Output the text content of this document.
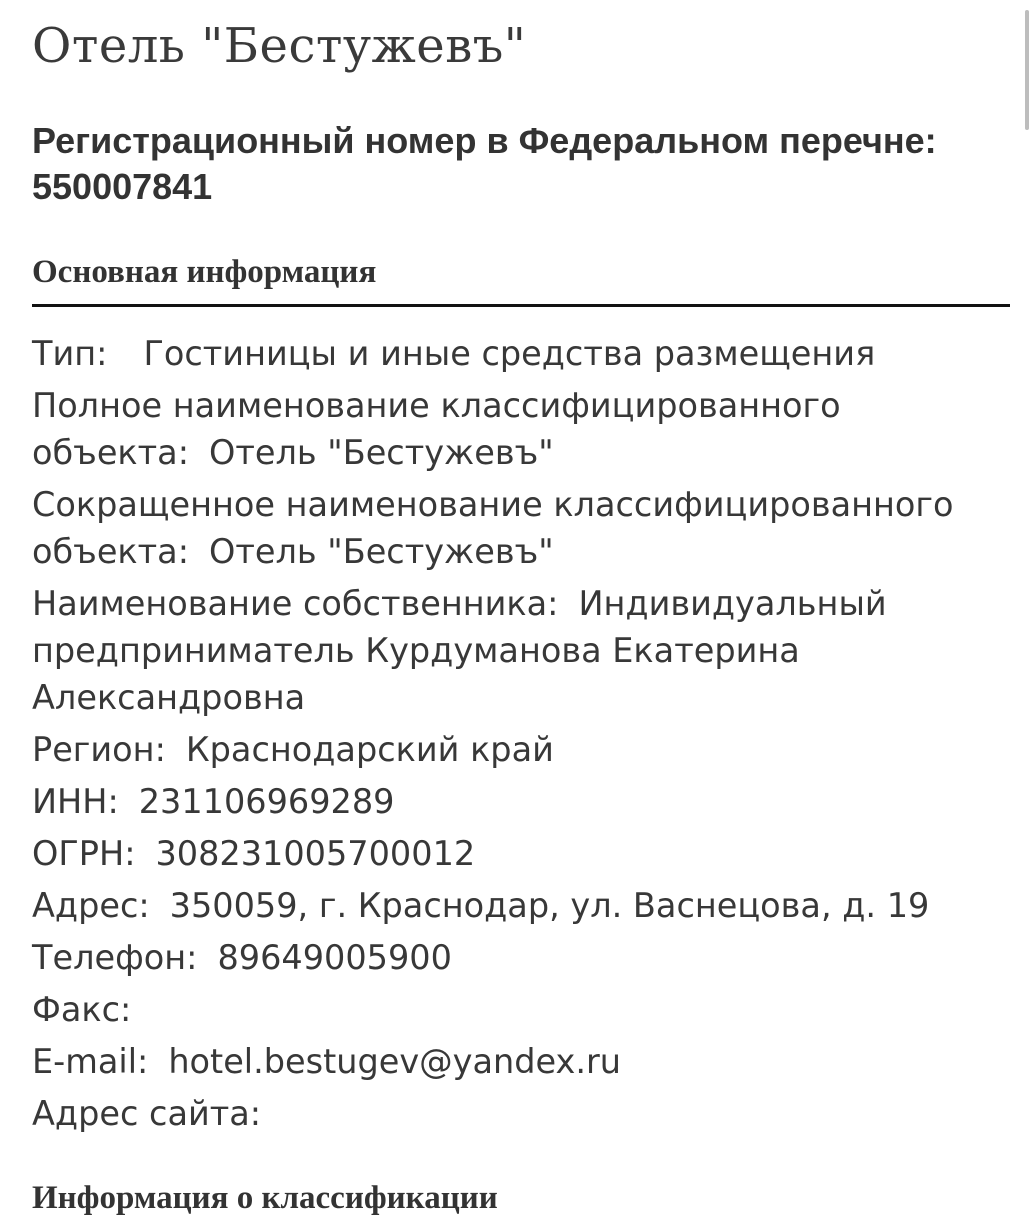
Отель "Бестужевъ"
Регистрационный номер в Федеральном перечне: 550007841
Основная информация
Тип: Гостиницы и иные средства размещения
Полное наименование классифицированного объекта: Отель "Бестужевъ"
Сокращенное наименование классифицированного объекта: Отель "Бестужевъ"
Наименование собственника: Индивидуальный предприниматель Курдуманова Екатерина Александровна
Регион: Краснодарский край
ИНН: 231106969289
ОГРН: 308231005700012
Адрес: 350059, г. Краснодар, ул. Васнецова, д. 19
Телефон: 89649005900
Факс:
E-mail: hotel.bestugev@yandex.ru
Адрес сайта:
Информация о классификации
